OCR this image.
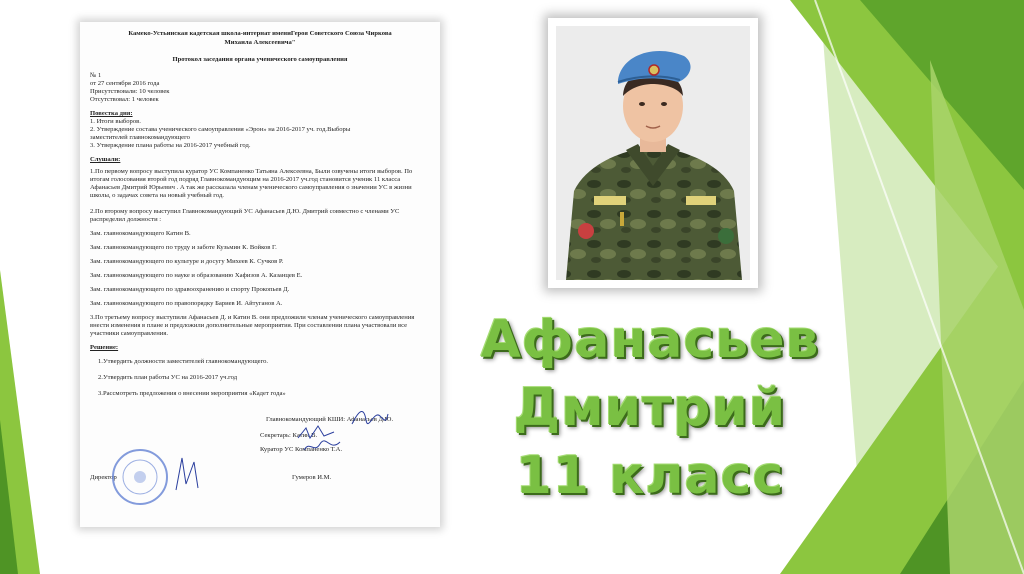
Камеко-Устьинская кадетская школа-интернат имениГероя Советского Союза Чиркова
Михаила Алексеевича"
Протокол заседания органа ученического самоуправления
№ 1
от 27 сентября 2016 года
Присутствовали: 10 человек
Отсутствовал: 1 человек
Повестка дня:
1. Итоги выборов.
2. Утверждение состава ученического самоуправления «Эрон» на 2016-2017 уч. год.Выборы
заместителей главнокомандующего
3. Утверждение плана работы на 2016-2017 учебный год.
Слушали:
1.По первому вопросу выступила куратор УС Компаненко Татьяна Алексеевна, Были озвучены итоги выборов. По
итогам голосования второй год подряд Главнокомандующим на 2016-2017 уч.год становится ученик 11 класса
Афанасьев Дмитрий Юрьевич . А так же рассказала членам ученического самоуправления о значении УС в жизни
школы, о задачах совета на новый учебный год.
2.По второму вопросу выступил Главнокомандующий УС Афанасьев Д.Ю. Дмитрий совместно с членами УС
распределил должности :
Зам. главнокомандующего Катин В.
Зам. главнокомандующего по труду и заботе Кузьмин К. Войков Г.
Зам. главнокомандующего по культуре и досугу Михеев К. Сучков Р.
Зам. главнокомандующего по науке и образованию Хафизов А. Казанцев Е.
Зам. главнокомандующего по здравоохранению и спорту Прокопьев Д.
Зам. главнокомандующего по правопорядку Бариев И. Айтуганов А.
3.По третьему вопросу выступили Афанасьев Д. и Катин В. они предложили членам ученического самоуправления
внести изменения в плане и предложили дополнительные мероприятия. При составлении плана участвовали все
участники самоуправления.
Решение:
1.Утвердить должности заместителей главнокомандующего.
2.Утвердить план работы УС на 2016-2017 уч.год
3.Рассмотреть предложения о внесении мероприятия «Кадет года»
Главнокомандующий КШИ: Афанасьев Д.Ю.
Секретарь: Катин В.
Куратор УС Компаненко Т.А.
Директор	Гумеров И.М.
Афанасьев
Дмитрий
11 класс
